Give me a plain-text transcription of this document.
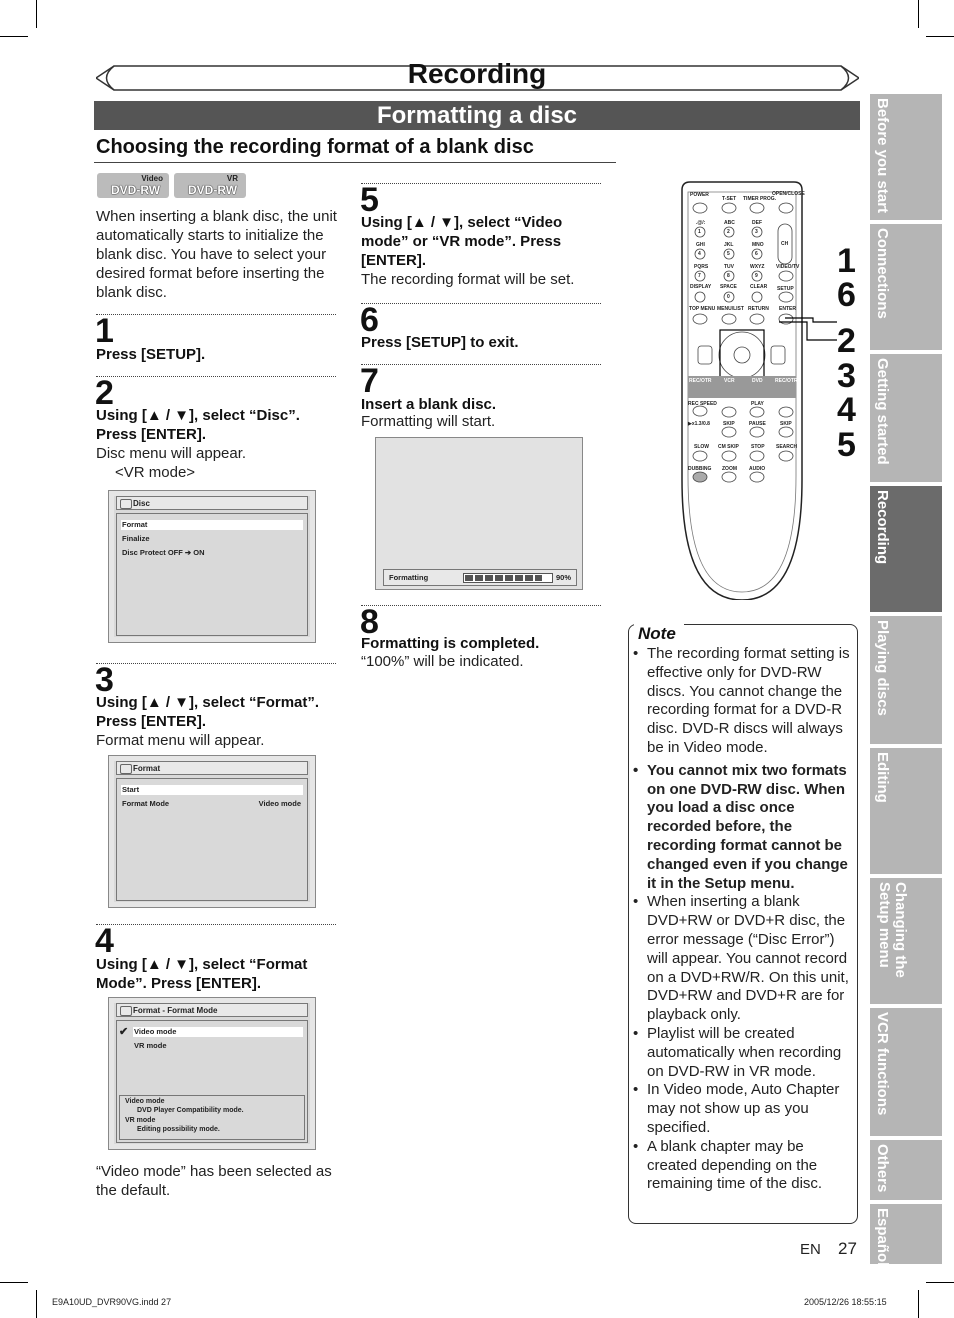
Recording
Formatting a disc
Choosing the recording format of a blank disc
Video
DVD-RW
VR
DVD-RW
When inserting a blank disc, the unit automatically starts to initialize the blank disc. You have to select your desired format before inserting the blank disc.
1
Press [SETUP].
2
Using [▲ / ▼], select “Disc”. Press [ENTER].
Disc menu will appear.
<VR mode>
Disc
Format
Finalize
Disc Protect OFF ➔ ON
3
Using [▲ / ▼], select “Format”. Press [ENTER].
Format menu will appear.
Format
Start
Format Mode	Video mode
4
Using [▲ / ▼], select “Format Mode”. Press [ENTER].
Format - Format Mode
✔ Video mode
VR mode
Video mode
DVD Player Compatibility mode.
VR mode
Editing possibility mode.
“Video mode” has been selected as the default.
5
Using [▲ / ▼], select “Video mode” or “VR mode”. Press [ENTER].
The recording format will be set.
6
Press [SETUP] to exit.
7
Insert a blank disc.
Formatting will start.
Formatting	90%
8
Formatting is completed.
“100%” will be indicated.
POWER
T-SET TIMER PROG.
OPEN/CLOSE
.@/:	ABC	DEF
1	2	3
GHI	JKL	MNO
4	5	6
CH
PQRS	TUV	WXYZ VIDEO/TV
7	8	9
DISPLAY SPACE	CLEAR SETUP
0
TOP MENU MENU/LIST RETURN ENTER
REC/OTR	VCR	DVD REC/OTR
REC SPEED	PLAY
▶x1.3/0.8	SKIP	PAUSE	SKIP
SLOW CM SKIP STOP SEARCH
DUBBING ZOOM AUDIO
1
6
2
3
4
5
Note

• The recording format setting is effective only for DVD-RW discs. You cannot change the recording format for a DVD-R disc. DVD-R discs will always be in Video mode.

• You cannot mix two formats on one DVD-RW disc. When you load a disc once recorded before, the recording format cannot be changed even if you change it in the Setup menu.

• When inserting a blank DVD+RW or DVD+R disc, the error message (“Disc Error”) will appear. You cannot record on a DVD+RW/R. On this unit, DVD+RW and DVD+R are for playback only.

• Playlist will be created automatically when recording on DVD-RW in VR mode.

• In Video mode, Auto Chapter may not show up as you specified.

• A blank chapter may be created depending on the remaining time of the disc.

Before you start
Connections
Getting started
Recording
Playing discs
Editing
Changing the Setup menu
VCR functions
Others
Español
EN 27
E9A10UD_DVR90VG.indd 27	2005/12/26 18:55:15
